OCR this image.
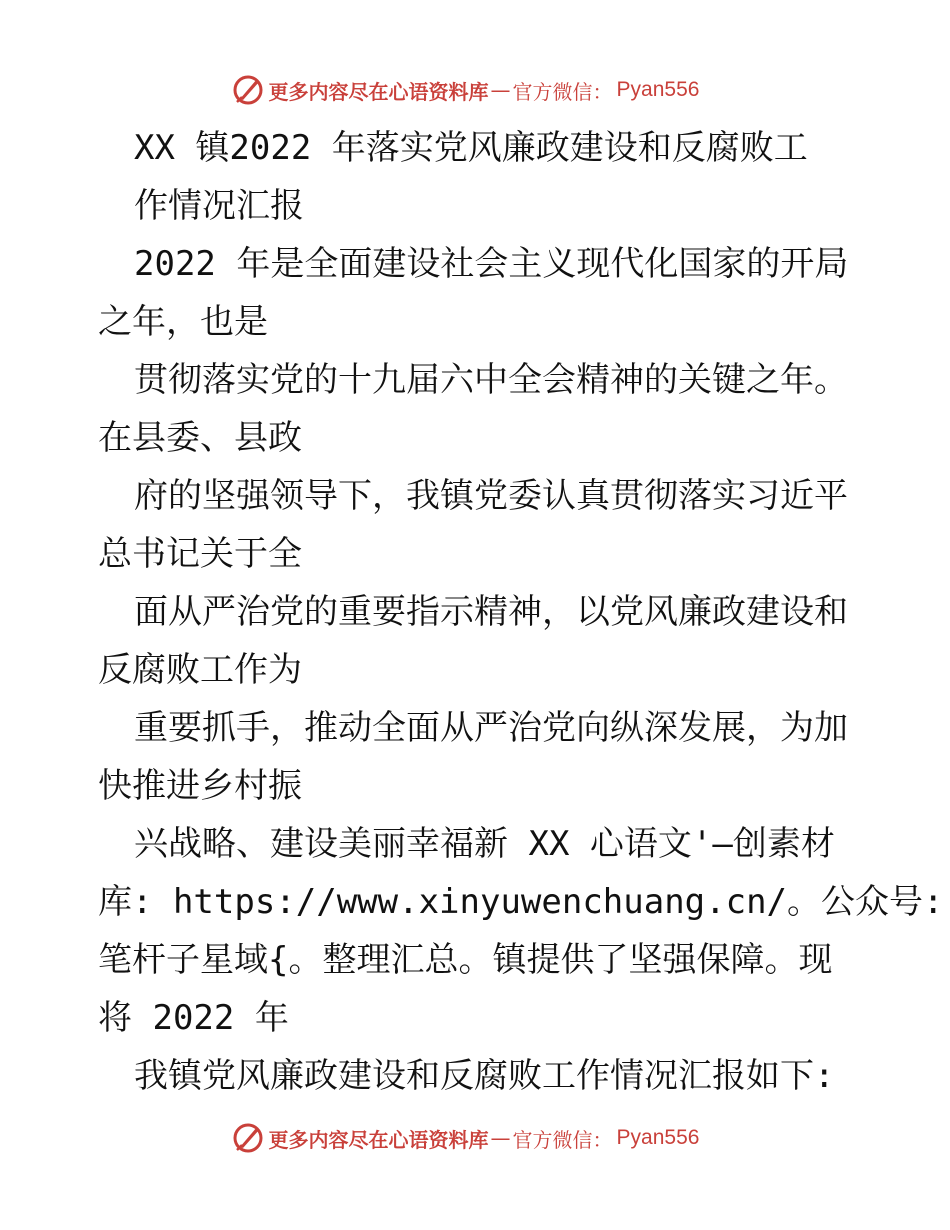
更多内容尽在心语资料库 — 官方微信： Pyan556
XX 镇2022 年落实党风廉政建设和反腐败工
作情况汇报
2022 年是全面建设社会主义现代化国家的开局
之年，也是
贯彻落实党的十九届六中全会精神的关键之年。
在县委、县政
府的坚强领导下，我镇党委认真贯彻落实习近平
总书记关于全
面从严治党的重要指示精神，以党风廉政建设和
反腐败工作为
重要抓手，推动全面从严治党向纵深发展，为加
快推进乡村振
兴战略、建设美丽幸福新 XX 心语文'—创素材
库: https://www.xinyuwenchuang.cn/。公众号:
笔杆子星域{。整理汇总。镇提供了坚强保障。现
将 2022 年
我镇党风廉政建设和反腐败工作情况汇报如下:
更多内容尽在心语资料库 — 官方微信： Pyan556
